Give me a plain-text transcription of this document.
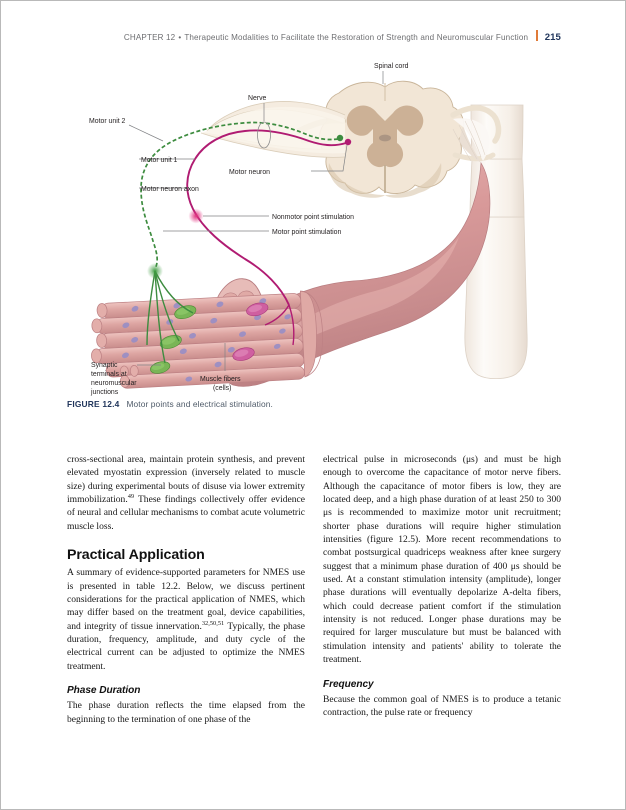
CHAPTER 12 • Therapeutic Modalities to Facilitate the Restoration of Strength and Neuromuscular Function 215
Spinal cord
Nerve
Motor unit 2
Motor unit 1
Motor neuron axon
Motor neuron
Nonmotor point stimulation
Motor point stimulation
Synaptic
terminals at
neuromuscular
junctions
Muscle fibers
(cells)
FIGURE 12.4 Motor points and electrical stimulation.

cross-sectional area, maintain protein synthesis, and prevent elevated myostatin expression (inversely related to muscle size) during experimental bouts of disuse via lower extremity immobilization.$^{49}$ These findings collectively offer evidence of neural and cellular mechanisms to combat acute volumetric muscle loss.

Practical Application

A summary of evidence-supported parameters for NMES use is presented in table 12.2. Below, we discuss pertinent considerations for the practical application of NMES, which may differ based on the treatment goal, device capabilities, and integrity of tissue innervation.$^{32,50,51}$ Typically, the phase duration, frequency, amplitude, and duty cycle of the electrical current can be adjusted to optimize the NMES treatment.

Phase Duration

The phase duration reflects the time elapsed from the beginning to the termination of one phase of the

electrical pulse in microseconds (μs) and must be high enough to overcome the capacitance of motor nerve fibers. Although the capacitance of motor fibers is low, they are located deep, and a high phase duration of at least 250 to 300 μs is recommended to maximize motor unit recruitment; shorter phase durations will require higher stimulation intensities (figure 12.5). More recent recommendations to combat postsurgical quadriceps weakness after knee surgery suggest that a minimum phase duration of 400 μs should be used. At a constant stimulation intensity (amplitude), longer phase durations will eventually depolarize A-delta fibers, which could decrease patient comfort if the stimulation intensity is not reduced. Longer phase durations may be required for larger musculature but must be balanced with stimulation intensity and patients' ability to tolerate the treatment.

Frequency

Because the common goal of NMES is to produce a tetanic contraction, the pulse rate or frequency
